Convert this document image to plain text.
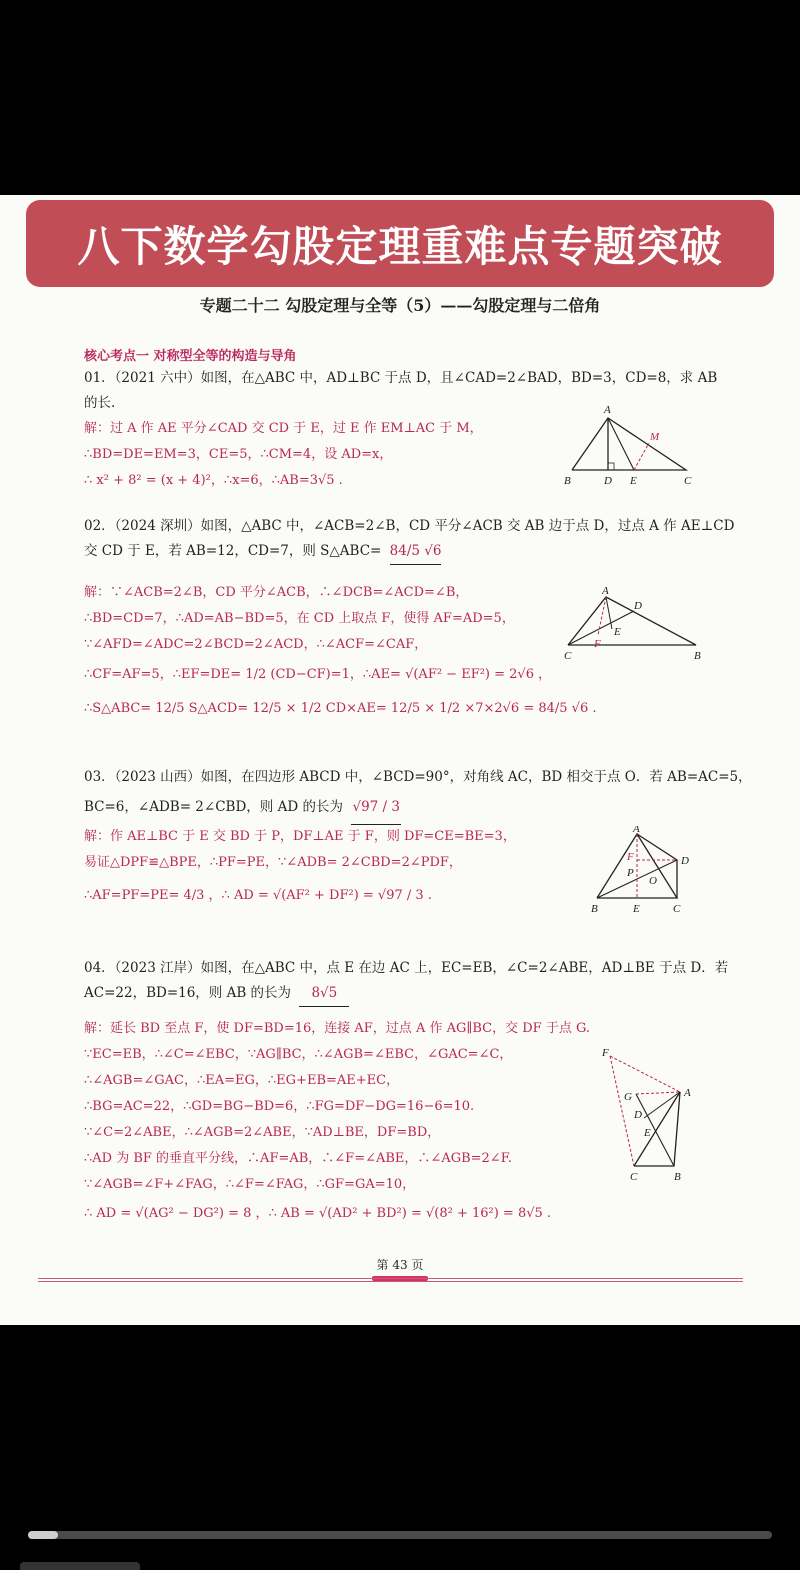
八下数学勾股定理重难点专题突破
专题二十二 勾股定理与全等（5）——勾股定理与二倍角
核心考点一 对称型全等的构造与导角
01．（2021 六中）如图，在△ABC 中，AD⊥BC 于点 D，且∠CAD=2∠BAD，BD=3，CD=8，求 AB
的长.
解：过 A 作 AE 平分∠CAD 交 CD 于 E，过 E 作 EM⊥AC 于 M，
∴BD=DE=EM=3，CE=5，∴CM=4，设 AD=x，
∴ x² + 8² = (x + 4)²，∴x=6，∴AB=3√5 .
A
B	D E	C
M
02．（2024 深圳）如图，△ABC 中，∠ACB=2∠B，CD 平分∠ACB 交 AB 边于点 D，过点 A 作 AE⊥CD
交 CD 于 E，若 AB=12，CD=7，则 S△ABC= 84/5 √6
解：∵∠ACB=2∠B，CD 平分∠ACB，∴∠DCB=∠ACD=∠B，
∴BD=CD=7，∴AD=AB−BD=5，在 CD 上取点 F，使得 AF=AD=5，
∵∠AFD=∠ADC=2∠BCD=2∠ACD，∴∠ACF=∠CAF，
∴CF=AF=5，∴EF=DE= 1/2 (CD−CF)=1，∴AE= √(AF² − EF²) = 2√6 ，
∴S△ABC= 12/5 S△ACD= 12/5 × 1/2 CD×AE= 12/5 × 1/2 ×7×2√6 = 84/5 √6 .
A
D
E
F
C	B
03．（2023 山西）如图，在四边形 ABCD 中，∠BCD=90°，对角线 AC，BD 相交于点 O．若 AB=AC=5，
BC=6，∠ADB= 2∠CBD，则 AD 的长为 √97 / 3
解：作 AE⊥BC 于 E 交 BD 于 P，DF⊥AE 于 F，则 DF=CE=BE=3，
易证△DPF≌△BPE，∴PF=PE，∵∠ADB= 2∠CBD=2∠PDF，
∴AF=PF=PE= 4/3 ，∴ AD = √(AF² + DF²) = √97 / 3 .
A
F
P
D
O
B	E	C
04．（2023 江岸）如图，在△ABC 中，点 E 在边 AC 上，EC=EB，∠C=2∠ABE，AD⊥BE 于点 D．若
AC=22，BD=16，则 AB 的长为 8√5
解：延长 BD 至点 F，使 DF=BD=16，连接 AF，过点 A 作 AG∥BC，交 DF 于点 G.
∵EC=EB，∴∠C=∠EBC，∵AG∥BC，∴∠AGB=∠EBC，∠GAC=∠C，
∴∠AGB=∠GAC，∴EA=EG，∴EG+EB=AE+EC，
∴BG=AC=22，∴GD=BG−BD=6，∴FG=DF−DG=16−6=10.
∵∠C=2∠ABE，∴∠AGB=2∠ABE，∵AD⊥BE，DF=BD，
∴AD 为 BF 的垂直平分线，∴AF=AB，∴∠F=∠ABE，∴∠AGB=2∠F.
∵∠AGB=∠F+∠FAG，∴∠F=∠FAG，∴GF=GA=10，
∴ AD = √(AG² − DG²) = 8 ，∴ AB = √(AD² + BD²) = √(8² + 16²) = 8√5 .
F
G	A
D
E
C	B
第 43 页
